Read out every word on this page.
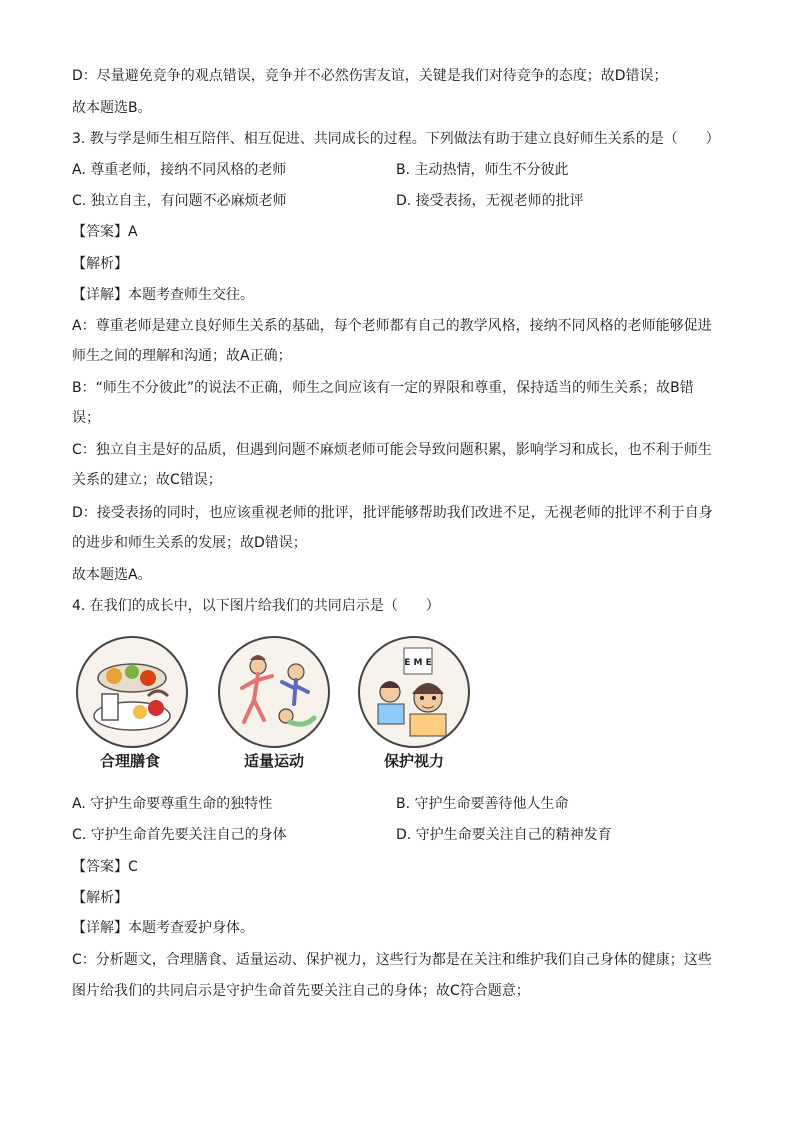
D：尽量避免竞争的观点错误，竞争并不必然伤害友谊，关键是我们对待竞争的态度；故D错误；
故本题选B。
3. 教与学是师生相互陪伴、相互促进、共同成长的过程。下列做法有助于建立良好师生关系的是（　　）
A. 尊重老师，接纳不同风格的老师	B. 主动热情，师生不分彼此
C. 独立自主，有问题不必麻烦老师	D. 接受表扬，无视老师的批评
【答案】A
【解析】
【详解】本题考查师生交往。
A：尊重老师是建立良好师生关系的基础，每个老师都有自己的教学风格，接纳不同风格的老师能够促进
师生之间的理解和沟通；故A正确；
B：“师生不分彼此”的说法不正确，师生之间应该有一定的界限和尊重，保持适当的师生关系；故B错
误；
C：独立自主是好的品质，但遇到问题不麻烦老师可能会导致问题积累，影响学习和成长，也不利于师生
关系的建立；故C错误；
D：接受表扬的同时，也应该重视老师的批评，批评能够帮助我们改进不足，无视老师的批评不利于自身
的进步和师生关系的发展；故D错误；
故本题选A。
4. 在我们的成长中，以下图片给我们的共同启示是（　　）
合理膳食	适量运动
E M E
保护视力
A. 守护生命要尊重生命的独特性	B. 守护生命要善待他人生命
C. 守护生命首先要关注自己的身体	D. 守护生命要关注自己的精神发育
【答案】C
【解析】
【详解】本题考查爱护身体。
C：分析题文，合理膳食、适量运动、保护视力，这些行为都是在关注和维护我们自己身体的健康；这些
图片给我们的共同启示是守护生命首先要关注自己的身体；故C符合题意；
